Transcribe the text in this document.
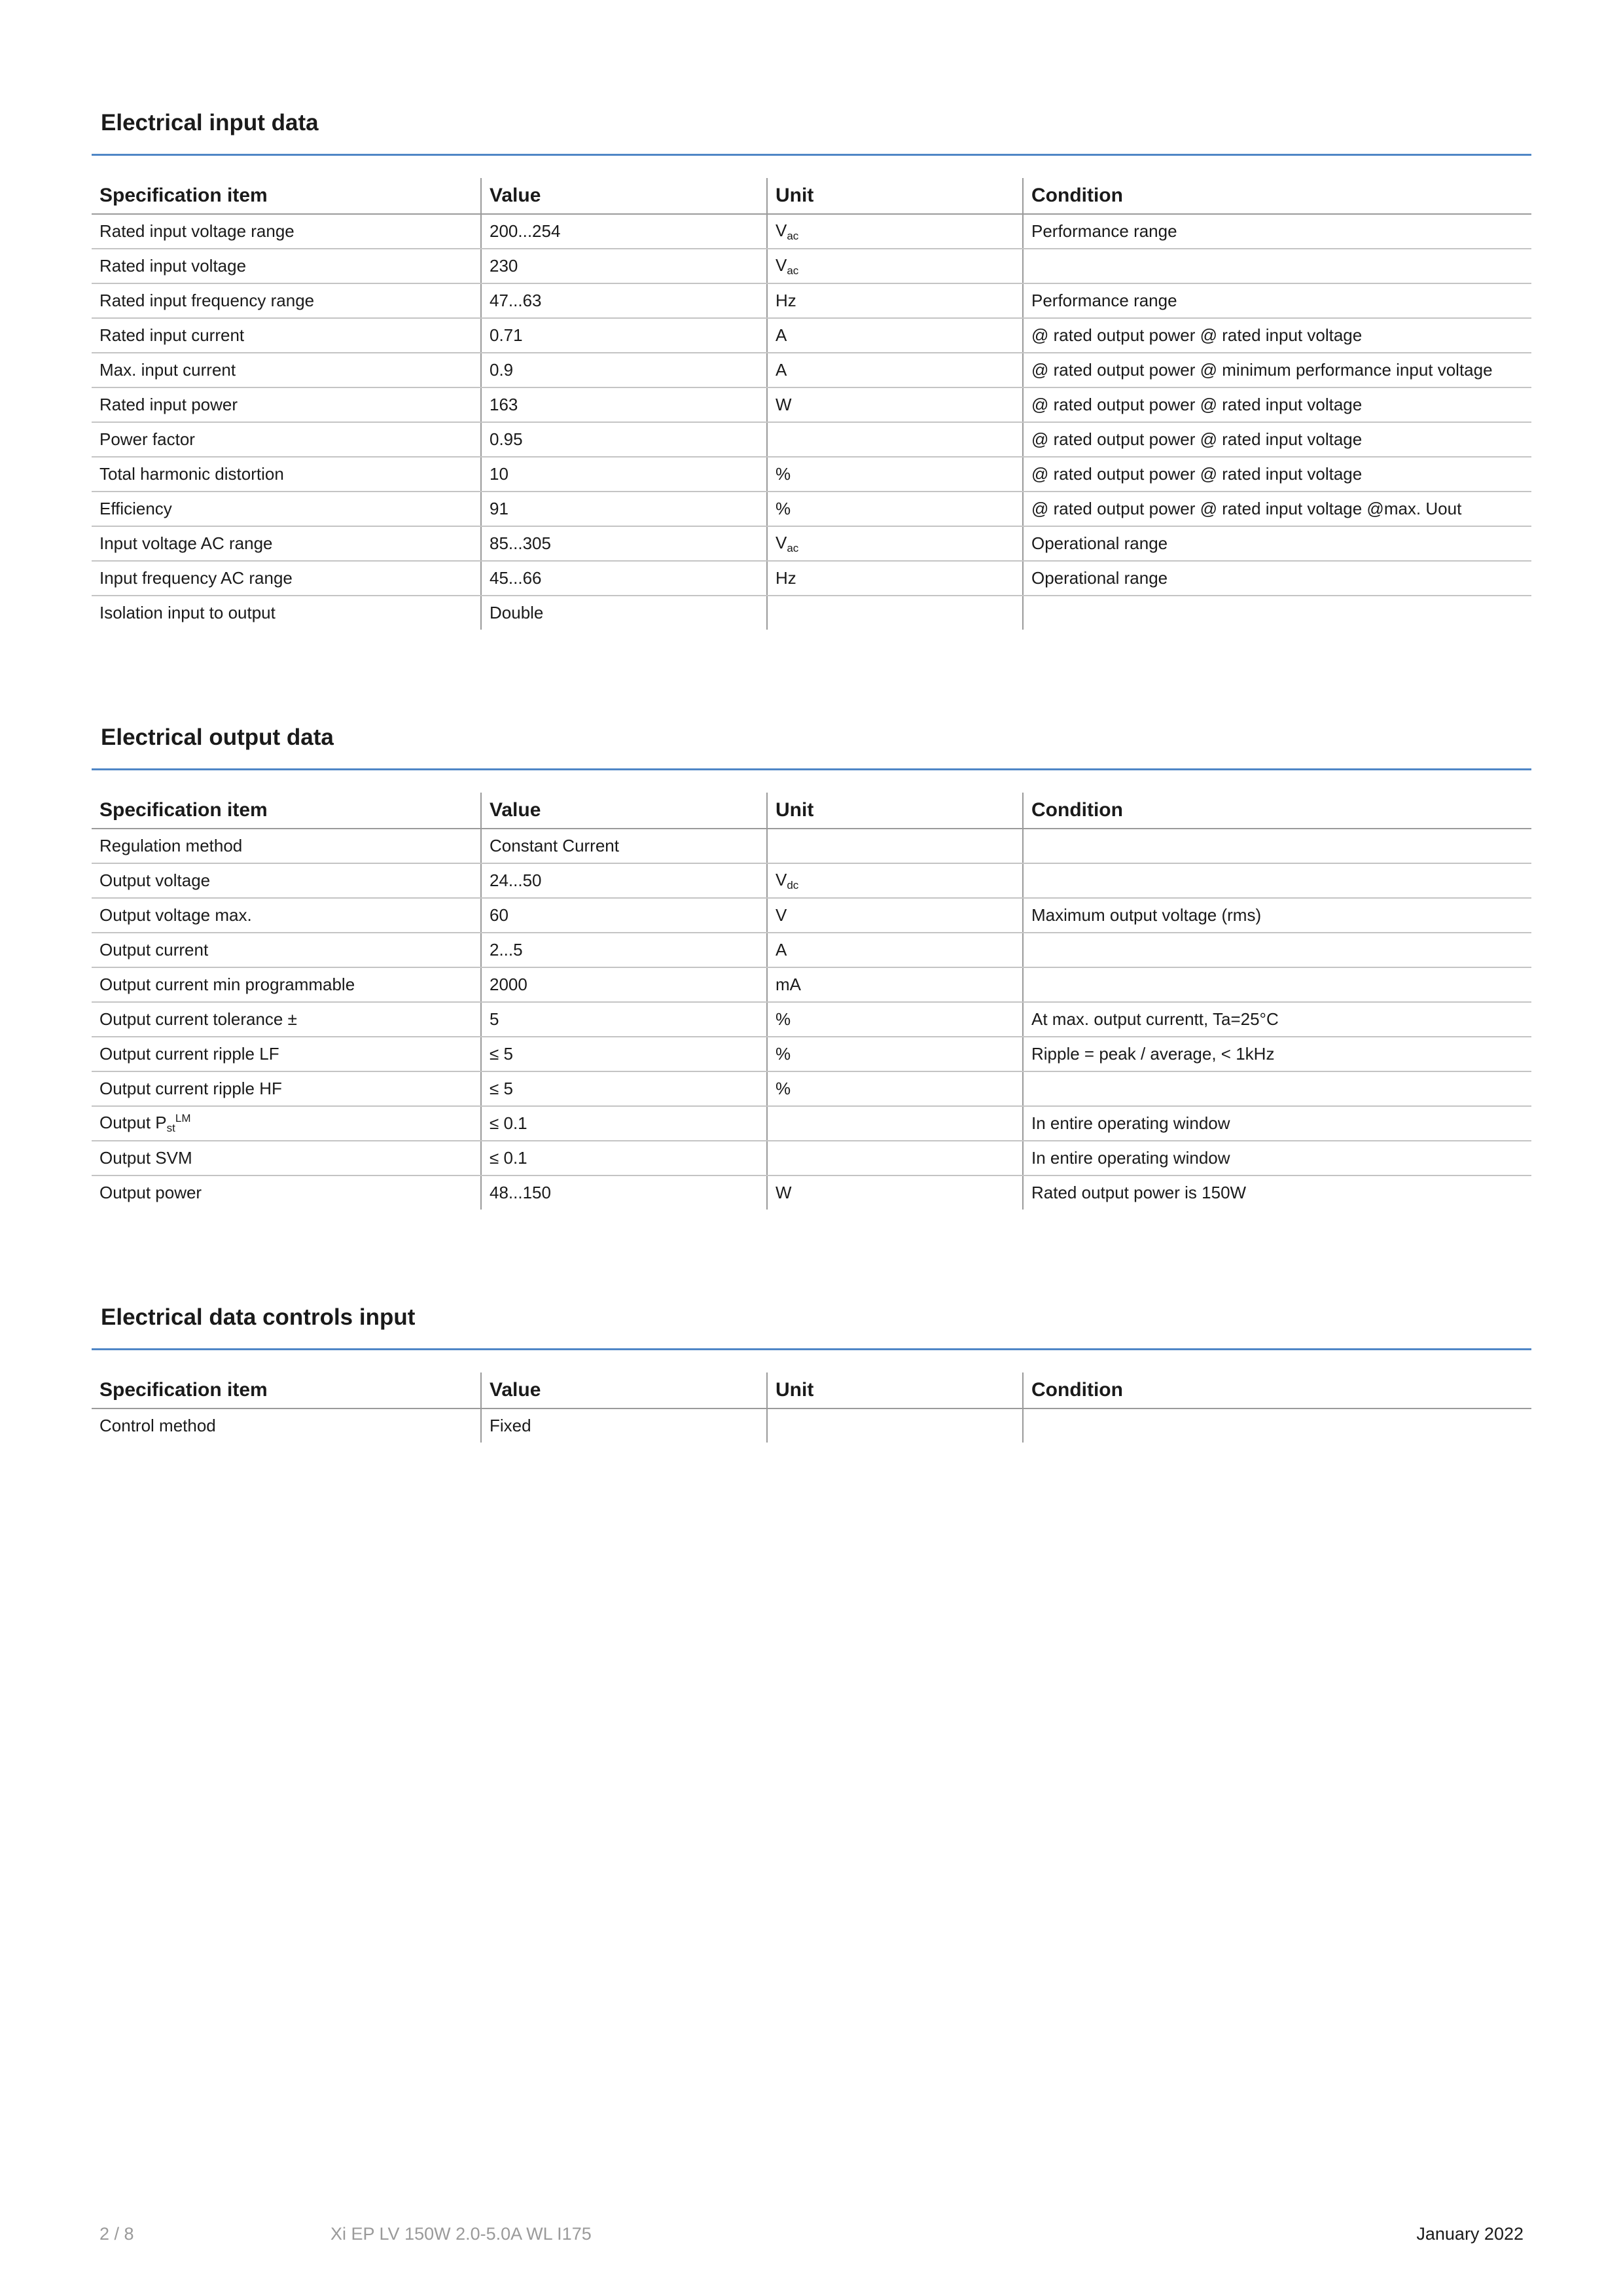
Electrical input data
Specification item	Value	Unit	Condition
Rated input voltage range	200...254	Vac	Performance range
Rated input voltage	230	Vac	
Rated input frequency range	47...63	Hz	Performance range
Rated input current	0.71	A	@ rated output power @ rated input voltage
Max. input current	0.9	A	@ rated output power @ minimum performance input voltage
Rated input power	163	W	@ rated output power @ rated input voltage
Power factor	0.95		@ rated output power @ rated input voltage
Total harmonic distortion	10	%	@ rated output power @ rated input voltage
Efficiency	91	%	@ rated output power @ rated input voltage @max. Uout
Input voltage AC range	85...305	Vac	Operational range
Input frequency AC range	45...66	Hz	Operational range
Isolation input to output	Double		
Electrical output data
Specification item	Value	Unit	Condition
Regulation method	Constant Current		
Output voltage	24...50	Vdc	
Output voltage max.	60	V	Maximum output voltage (rms)
Output current	2...5	A	
Output current min programmable	2000	mA	
Output current tolerance ±	5	%	At max. output currentt, Ta=25°C
Output current ripple LF	≤ 5	%	Ripple = peak / average, < 1kHz
Output current ripple HF	≤ 5	%	
Output Pst$^{LM}$	≤ 0.1		In entire operating window
Output SVM	≤ 0.1		In entire operating window
Output power	48...150	W	Rated output power is 150W
Electrical data controls input
Specification item	Value	Unit	Condition
Control method	Fixed		
2 / 8	Xi EP LV 150W 2.0-5.0A WL I175	January 2022
